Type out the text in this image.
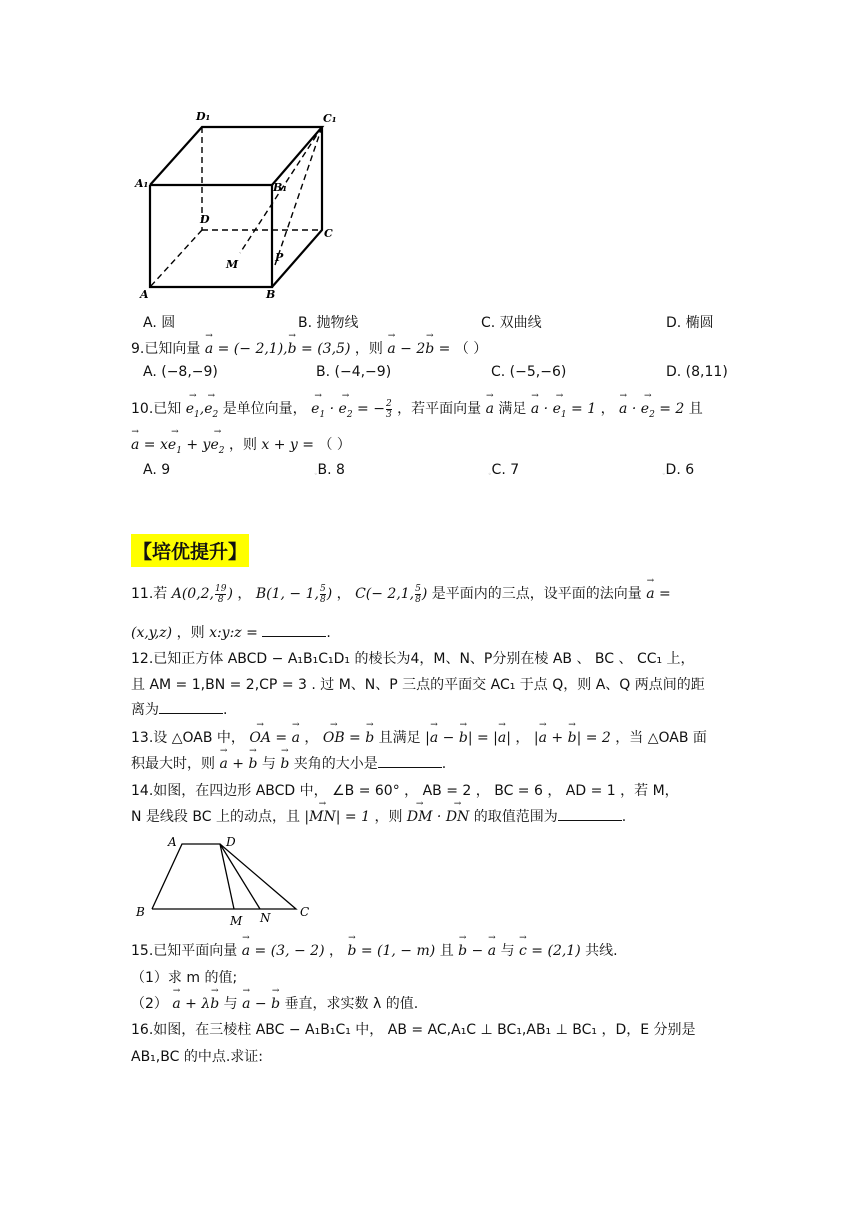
D₁	C₁
A₁	B₁
D
C
M
P
A	B
A. 圆	B. 抛物线	C. 双曲线	D. 椭圆
9.已知向量 → a = (− 2,1),→ b = (3,5) ，则 → a − 2→ b = （ ）
A. (−8,−9)	B. (−4,−9)	C. (−5,−6)	D. (8,11)
10.已知 → $e_1,\to e_2$ 是单位向量， → $e_1$ · → $e_2$ = − $\frac{2}{3}$ ，若平面向量 → a 满足 → a · → $e_1 = 1$ ， → a · → $e_2 = 2$ 且
→ $a = x\to e_1 + y\to e_2$ ，则 x + y = （ ）
A. 9	◦B. 8	◦C. 7	◦D. 6
【培优提升】
11.若 A(0,2, $\frac{19}{8}$ ) ， B(1, − 1, $\frac{5}{8}$ ) ， C(− 2,1, $\frac{5}{8}$ ) 是平面内的三点，设平面的法向量 → a =
(x,y,z) ，则 x:y:z =	.
12.已知正方体 ABCD − A₁B₁C₁D₁ 的棱长为4，M、N、P分别在棱 AB 、 BC 、 CC₁ 上，
且 AM = 1,BN = 2,CP = 3 . 过 M、N、P 三点的平面交 AC₁ 于点 Q，则 A、Q 两点间的距
离为	.
13.设 △OAB 中， → OA = → a ， → OB = → b 且满足 |→ a − → b| = |→ a| ， |→ a + → b| = 2 ，当 △OAB 面
积最大时，则 → a + → b 与 → b 夹角的大小是	.
14.如图，在四边形 ABCD 中， ∠B = 60° ， AB = 2 ， BC = 6 ， AD = 1 ，若 M，
N 是线段 BC 上的动点，且 |→ MN| = 1 ，则 → DM · → DN 的取值范围为	.
A	D
B
M N C
15.已知平面向量 → a = (3, − 2) ， → b = (1, − m) 且 → b − → a 与 → c = (2,1) 共线.
（1）求 m 的值;
（2） → a + λ→ b 与 → a − → b 垂直，求实数 λ 的值.
16.如图，在三棱柱 ABC − A₁B₁C₁ 中， AB = AC,A₁C ⊥ BC₁,AB₁ ⊥ BC₁ ，D，E 分别是
AB₁,BC 的中点.求证:
